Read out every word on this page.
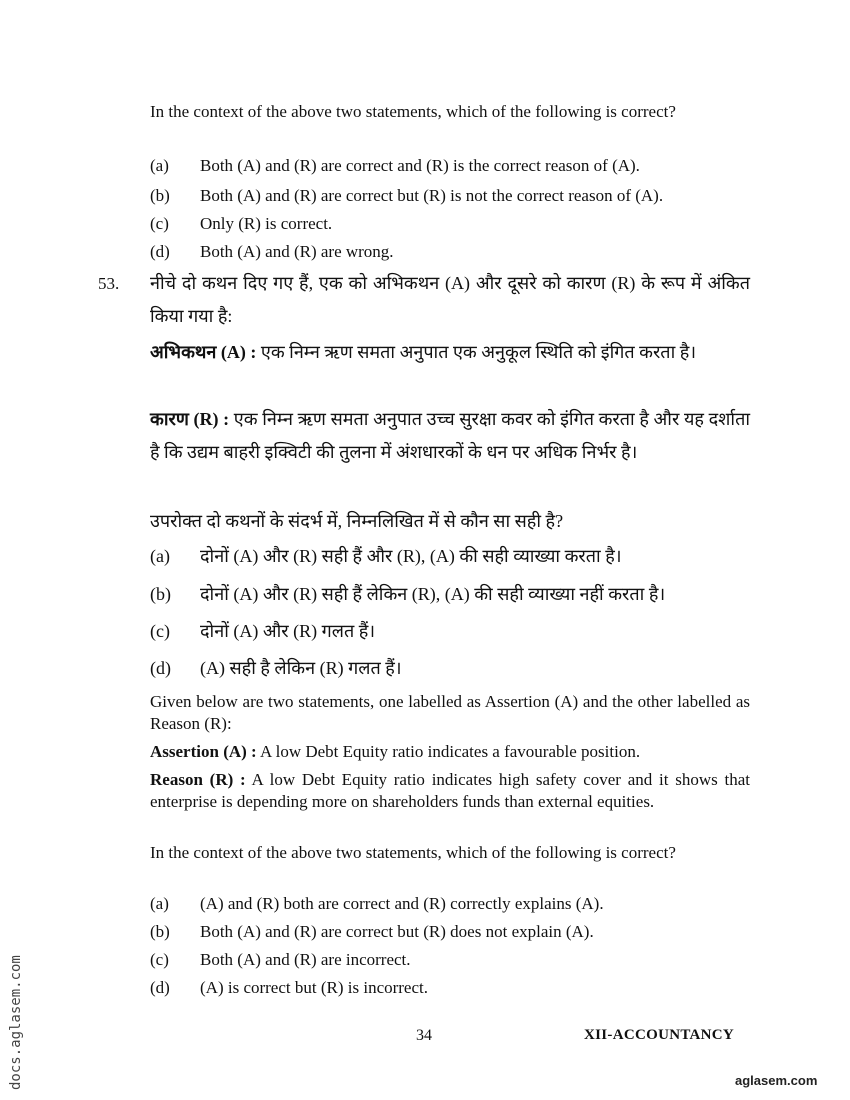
In the context of the above two statements, which of the following is correct?
(a) Both (A) and (R) are correct and (R) is the correct reason of (A).
(b) Both (A) and (R) are correct but (R) is not the correct reason of (A).
(c) Only (R) is correct.
(d) Both (A) and (R) are wrong.
53. नीचे दो कथन दिए गए हैं, एक को अभिकथन (A) और दूसरे को कारण (R) के रूप में अंकित किया गया है:
अभिकथन (A) : एक निम्न ऋण समता अनुपात एक अनुकूल स्थिति को इंगित करता है।
कारण (R) : एक निम्न ऋण समता अनुपात उच्च सुरक्षा कवर को इंगित करता है और यह दर्शाता है कि उद्यम बाहरी इक्विटी की तुलना में अंशधारकों के धन पर अधिक निर्भर है।
उपरोक्त दो कथनों के संदर्भ में, निम्नलिखित में से कौन सा सही है?
(a) दोनों (A) और (R) सही हैं और (R), (A) की सही व्याख्या करता है।
(b) दोनों (A) और (R) सही हैं लेकिन (R), (A) की सही व्याख्या नहीं करता है।
(c) दोनों (A) और (R) गलत हैं।
(d) (A) सही है लेकिन (R) गलत हैं।
Given below are two statements, one labelled as Assertion (A) and the other labelled as Reason (R):
Assertion (A) : A low Debt Equity ratio indicates a favourable position.
Reason (R) : A low Debt Equity ratio indicates high safety cover and it shows that enterprise is depending more on shareholders funds than external equities.
In the context of the above two statements, which of the following is correct?
(a) (A) and (R) both are correct and (R) correctly explains (A).
(b) Both (A) and (R) are correct but (R) does not explain (A).
(c) Both (A) and (R) are incorrect.
(d) (A) is correct but (R) is incorrect.
34	XII-ACCOUNTANCY
docs.aglasem.com	aglasem.com
